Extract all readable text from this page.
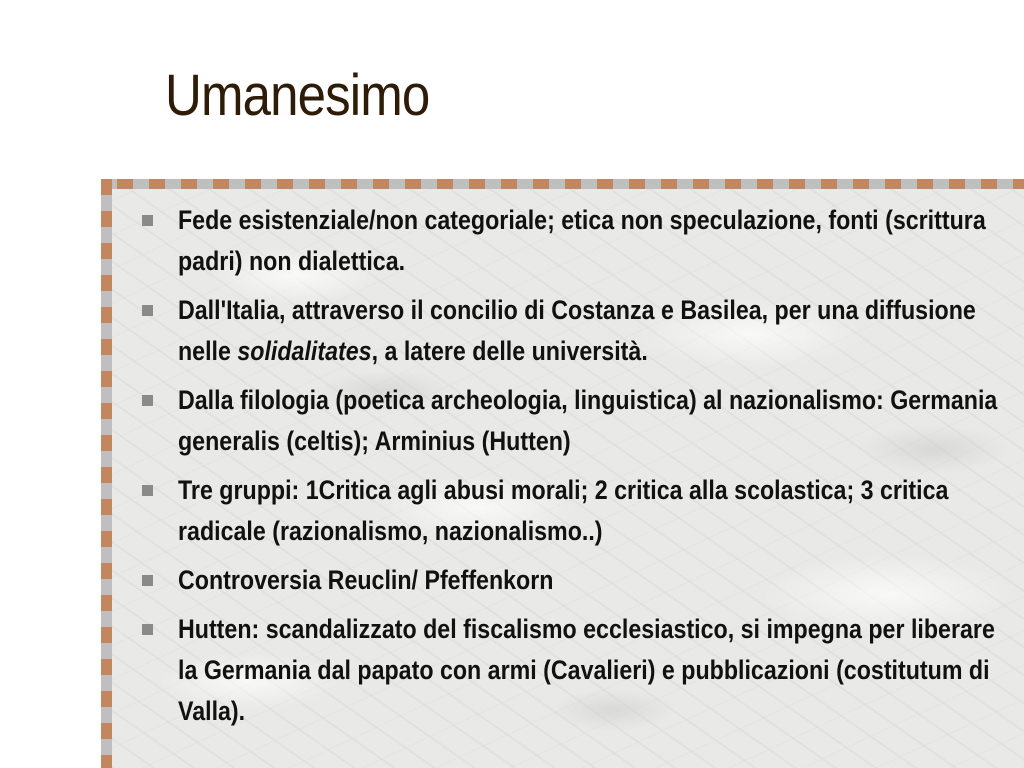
Umanesimo
Fede esistenziale/non categoriale; etica non speculazione, fonti (scrittura padri) non dialettica.
Dall'Italia, attraverso il concilio di Costanza e Basilea, per una diffusione nelle solidalitates, a latere delle università.
Dalla filologia (poetica archeologia, linguistica) al nazionalismo: Germania generalis (celtis); Arminius (Hutten)
Tre gruppi: 1Critica agli abusi morali; 2 critica alla scolastica; 3 critica radicale (razionalismo, nazionalismo..)
Controversia Reuclin/ Pfeffenkorn
Hutten: scandalizzato del fiscalismo ecclesiastico, si impegna per liberare la Germania dal papato con armi (Cavalieri) e pubblicazioni (costitutum di Valla).
